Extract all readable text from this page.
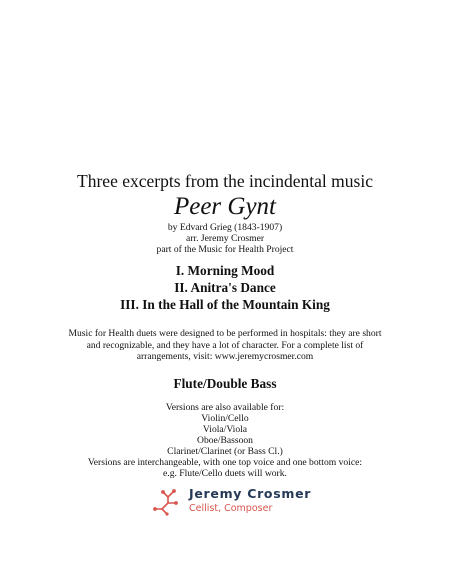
Three excerpts from the incindental music
Peer Gynt
by Edvard Grieg (1843-1907)
arr. Jeremy Crosmer
part of the Music for Health Project
I. Morning Mood
II. Anitra's Dance
III. In the Hall of the Mountain King
Music for Health duets were designed to be performed in hospitals: they are short
and recognizable, and they have a lot of character. For a complete list of
arrangements, visit: www.jeremycrosmer.com
Flute/Double Bass
Versions are also available for:
Violin/Cello
Viola/Viola
Oboe/Bassoon
Clarinet/Clarinet (or Bass Cl.)
Versions are interchangeable, with one top voice and one bottom voice:
e.g. Flute/Cello duets will work.
Jeremy Crosmer
Cellist, Composer
